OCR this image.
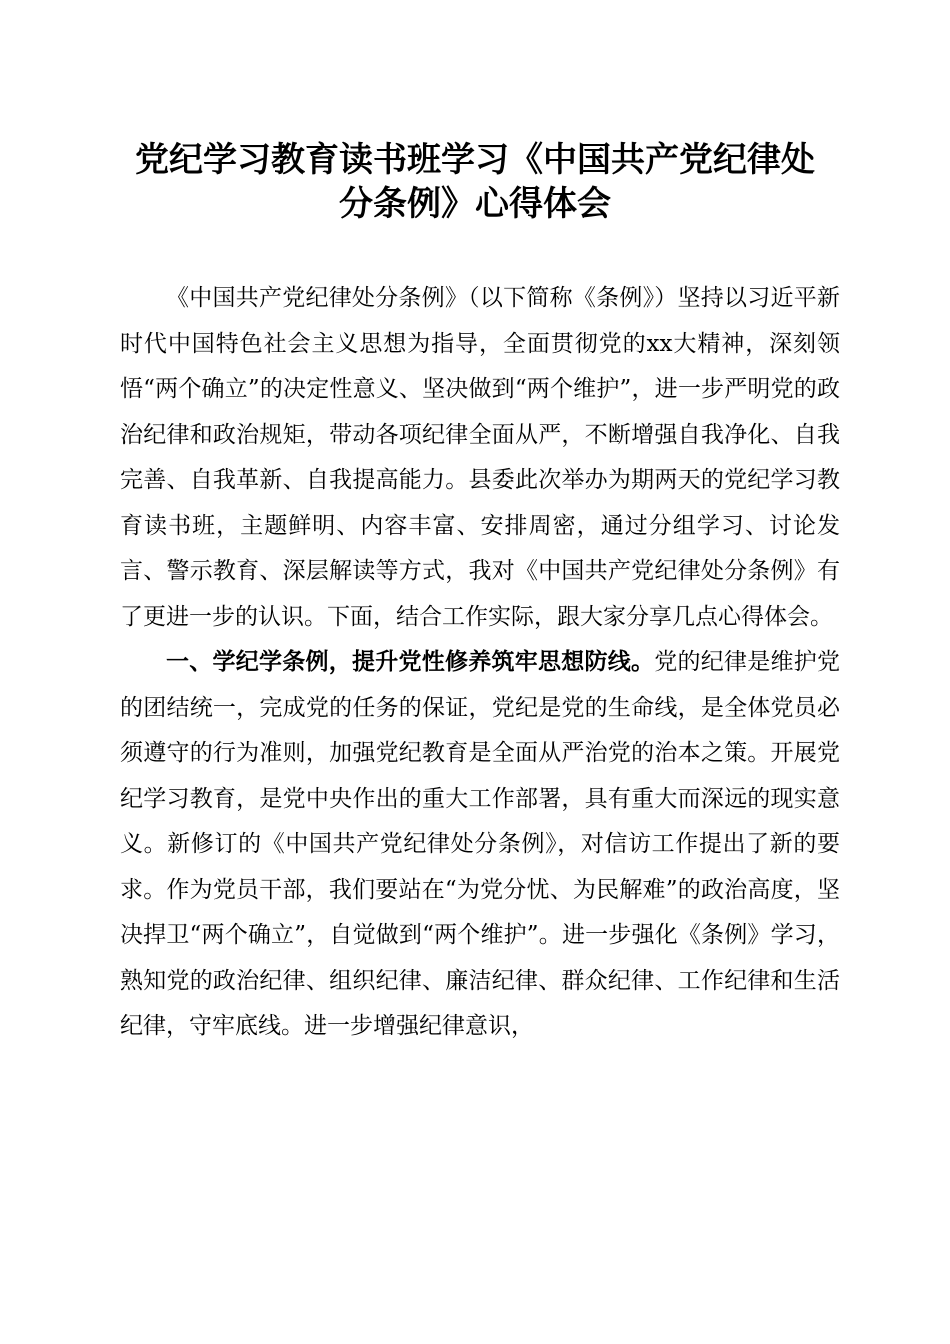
党纪学习教育读书班学习《中国共产党纪律处
分条例》心得体会

《中国共产党纪律处分条例》（以下简称《条例》）坚持以习近平新时代中国特色社会主义思想为指导，全面贯彻党的xx大精神，深刻领悟“两个确立”的决定性意义、坚决做到“两个维护”，进一步严明党的政治纪律和政治规矩，带动各项纪律全面从严，不断增强自我净化、自我完善、自我革新、自我提高能力。县委此次举办为期两天的党纪学习教育读书班，主题鲜明、内容丰富、安排周密，通过分组学习、讨论发言、警示教育、深层解读等方式，我对《中国共产党纪律处分条例》有了更进一步的认识。下面，结合工作实际，跟大家分享几点心得体会。

一、学纪学条例，提升党性修养筑牢思想防线。党的纪律是维护党的团结统一，完成党的任务的保证，党纪是党的生命线，是全体党员必须遵守的行为准则，加强党纪教育是全面从严治党的治本之策。开展党纪学习教育，是党中央作出的重大工作部署，具有重大而深远的现实意义。新修订的《中国共产党纪律处分条例》，对信访工作提出了新的要求。作为党员干部，我们要站在“为党分忧、为民解难”的政治高度，坚决捍卫“两个确立”，自觉做到“两个维护”。进一步强化《条例》学习，熟知党的政治纪律、组织纪律、廉洁纪律、群众纪律、工作纪律和生活纪律，守牢底线。进一步增强纪律意识，
